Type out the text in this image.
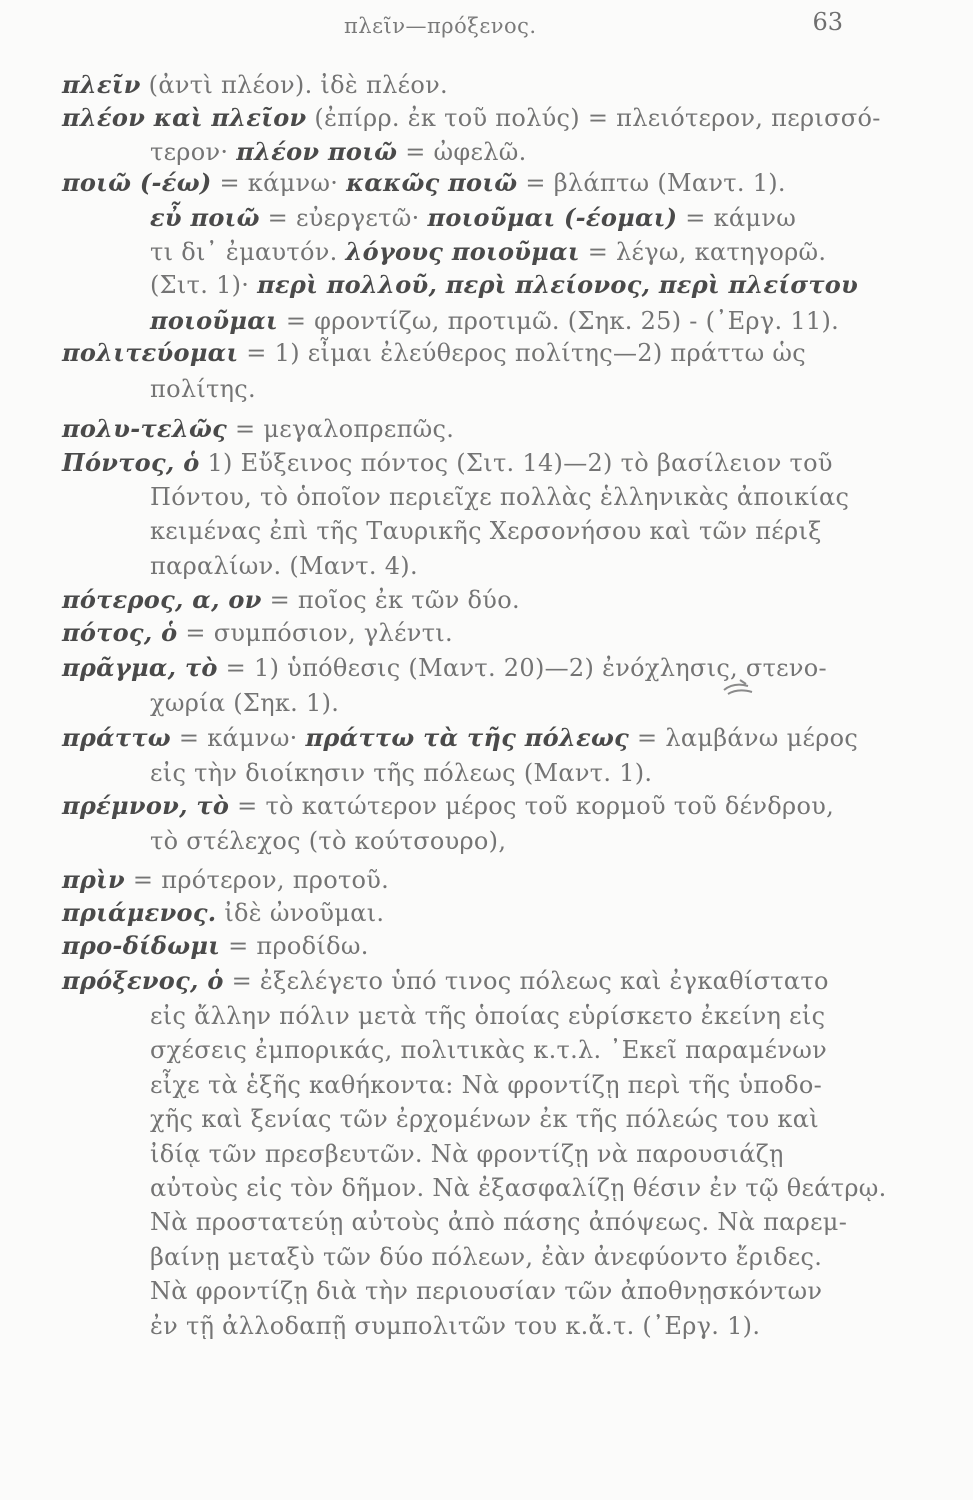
πλεῖν—πρόξενος.	63
πλεῖν (ἀντὶ πλέον). ἰδὲ πλέον.
πλέον καὶ πλεῖον (ἐπίρρ. ἐκ τοῦ πολύς) = πλειότερον, περισσό-
τερον· πλέον ποιῶ = ὠφελῶ.
ποιῶ (-έω) = κάμνω· κακῶς ποιῶ = βλάπτω (Μαντ. 1).
εὖ ποιῶ = εὐεργετῶ· ποιοῦμαι (-έομαι) = κάμνω
τι δι᾿ ἐμαυτόν. λόγους ποιοῦμαι = λέγω, κατηγορῶ.
(Σιτ. 1)· περὶ πολλοῦ, περὶ πλείονος, περὶ πλείστου
ποιοῦμαι = φροντίζω, προτιμῶ. (Σηκ. 25) - (᾿Εργ. 11).
πολιτεύομαι = 1) εἶμαι ἐλεύθερος πολίτης—2) πράττω ὡς
πολίτης.
πολυ-τελῶς = μεγαλοπρεπῶς.
Πόντος, ὁ 1) Εὔξεινος πόντος (Σιτ. 14)—2) τὸ βασίλειον τοῦ
Πόντου, τὸ ὁποῖον περιεῖχε πολλὰς ἑλληνικὰς ἀποικίας
κειμένας ἐπὶ τῆς Ταυρικῆς Χερσονήσου καὶ τῶν πέριξ
παραλίων. (Μαντ. 4).
πότερος, α, ον = ποῖος ἐκ τῶν δύο.
πότος, ὁ = συμπόσιον, γλέντι.
πρᾶγμα, τὸ = 1) ὑπόθεσις (Μαντ. 20)—2) ἐνόχλησις, στενο-
χωρία (Σηκ. 1).
πράττω = κάμνω· πράττω τὰ τῆς πόλεως = λαμβάνω μέρος
εἰς τὴν διοίκησιν τῆς πόλεως (Μαντ. 1).
πρέμνον, τὸ = τὸ κατώτερον μέρος τοῦ κορμοῦ τοῦ δένδρου,
τὸ στέλεχος (τὸ κούτσουρο),
πρὶν = πρότερον, προτοῦ.
πριάμενος. ἰδὲ ὠνοῦμαι.
προ-δίδωμι = προδίδω.
πρόξενος, ὁ = ἐξελέγετο ὑπό τινος πόλεως καὶ ἐγκαθίστατο
εἰς ἄλλην πόλιν μετὰ τῆς ὁποίας εὑρίσκετο ἐκείνη εἰς
σχέσεις ἐμπορικάς, πολιτικὰς κ.τ.λ. ᾿Εκεῖ παραμένων
εἶχε τὰ ἑξῆς καθήκοντα: Νὰ φροντίζῃ περὶ τῆς ὑποδο-
χῆς καὶ ξενίας τῶν ἐρχομένων ἐκ τῆς πόλεώς του καὶ
ἰδίᾳ τῶν πρεσβευτῶν. Νὰ φροντίζῃ νὰ παρουσιάζῃ
αὐτοὺς εἰς τὸν δῆμον. Νὰ ἐξασφαλίζῃ θέσιν ἐν τῷ θεάτρῳ.
Νὰ προστατεύῃ αὐτοὺς ἀπὸ πάσης ἀπόψεως. Νὰ παρεμ-
βαίνῃ μεταξὺ τῶν δύο πόλεων, ἐὰν ἀνεφύοντο ἔριδες.
Νὰ φροντίζῃ διὰ τὴν περιουσίαν τῶν ἀποθνῃσκόντων
ἐν τῇ ἀλλοδαπῇ συμπολιτῶν του κ.ἄ.τ. (᾿Εργ. 1).
